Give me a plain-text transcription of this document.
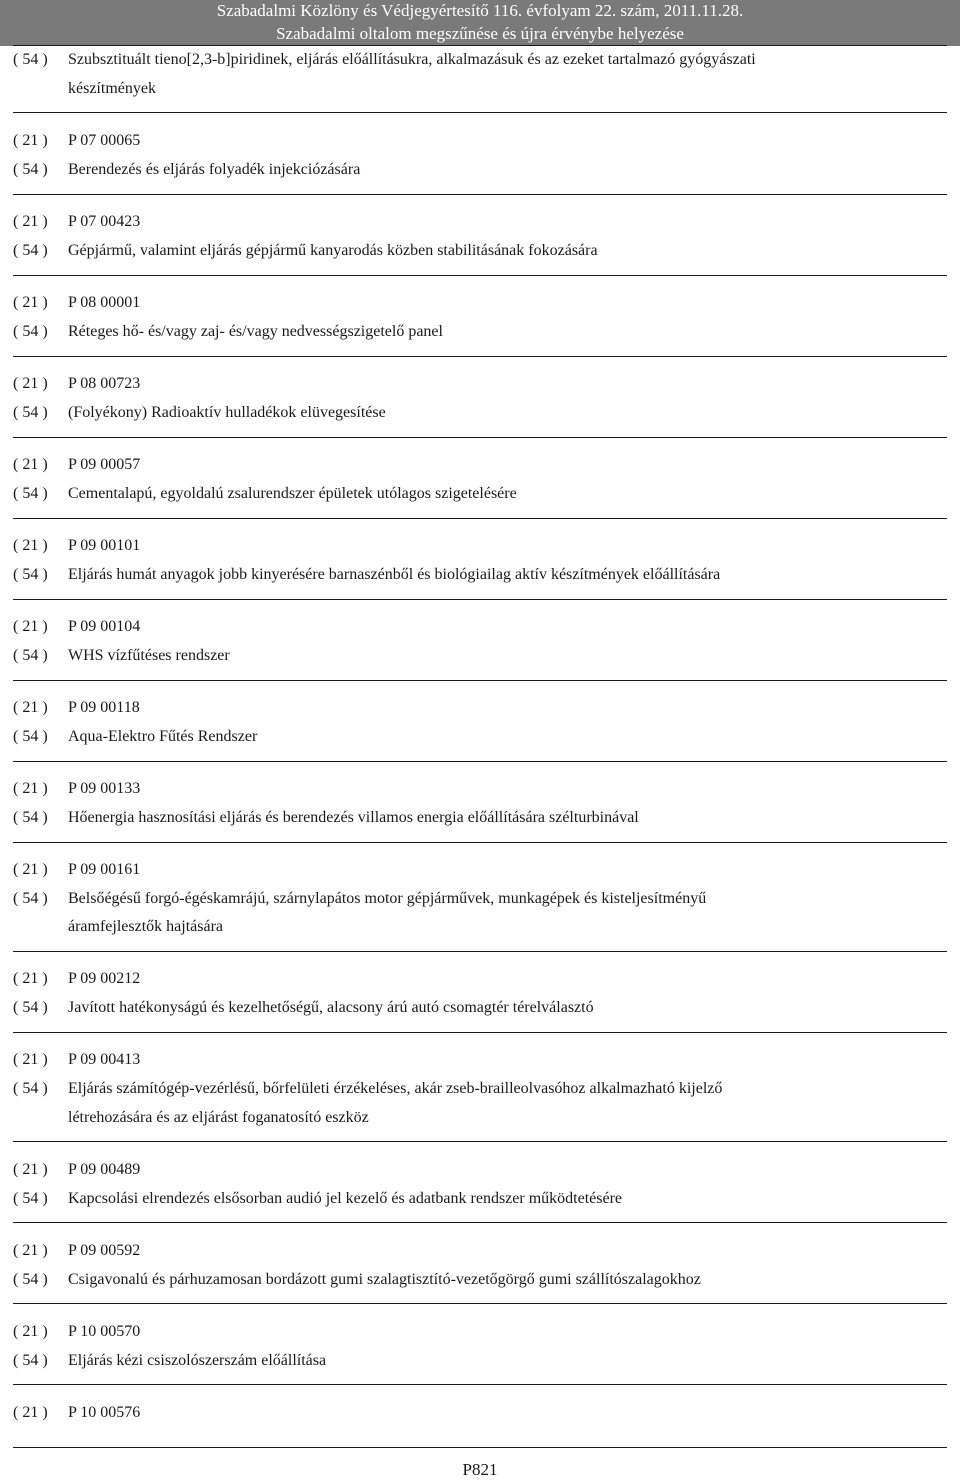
Szabadalmi Közlöny és Védjegyértesítő 116. évfolyam 22. szám, 2011.11.28.
Szabadalmi oltalom megszűnése és újra érvénybe helyezése
( 54 ) Szubsztituált tieno[2,3-b]piridinek, eljárás előállításukra, alkalmazásuk és az ezeket tartalmazó gyógyászati
készítmények
( 21 ) P 07 00065
( 54 ) Berendezés és eljárás folyadék injekciózására
( 21 ) P 07 00423
( 54 ) Gépjármű, valamint eljárás gépjármű kanyarodás közben stabilitásának fokozására
( 21 ) P 08 00001
( 54 ) Réteges hő- és/vagy zaj- és/vagy nedvességszigetelő panel
( 21 ) P 08 00723
( 54 ) (Folyékony) Radioaktív hulladékok elüvegesítése
( 21 ) P 09 00057
( 54 ) Cementalapú, egyoldalú zsalurendszer épületek utólagos szigetelésére
( 21 ) P 09 00101
( 54 ) Eljárás humát anyagok jobb kinyerésére barnaszénből és biológiailag aktív készítmények előállítására
( 21 ) P 09 00104
( 54 ) WHS vízfűtéses rendszer
( 21 ) P 09 00118
( 54 ) Aqua-Elektro Fűtés Rendszer
( 21 ) P 09 00133
( 54 ) Hőenergia hasznosítási eljárás és berendezés villamos energia előállítására szélturbinával
( 21 ) P 09 00161
( 54 ) Belsőégésű forgó-égéskamrájú, szárnylapátos motor gépjárművek, munkagépek és kisteljesítményű
áramfejlesztők hajtására
( 21 ) P 09 00212
( 54 ) Javított hatékonyságú és kezelhetőségű, alacsony árú autó csomagtér térelválasztó
( 21 ) P 09 00413
( 54 ) Eljárás számítógép-vezérlésű, bőrfelületi érzékeléses, akár zseb-brailleolvasóhoz alkalmazható kijelző
létrehozására és az eljárást foganatosító eszköz
( 21 ) P 09 00489
( 54 ) Kapcsolási elrendezés elsősorban audió jel kezelő és adatbank rendszer működtetésére
( 21 ) P 09 00592
( 54 ) Csigavonalú és párhuzamosan bordázott gumi szalagtisztító-vezetőgörgő gumi szállítószalagokhoz
( 21 ) P 10 00570
( 54 ) Eljárás kézi csiszolószerszám előállítása
( 21 ) P 10 00576
P821
